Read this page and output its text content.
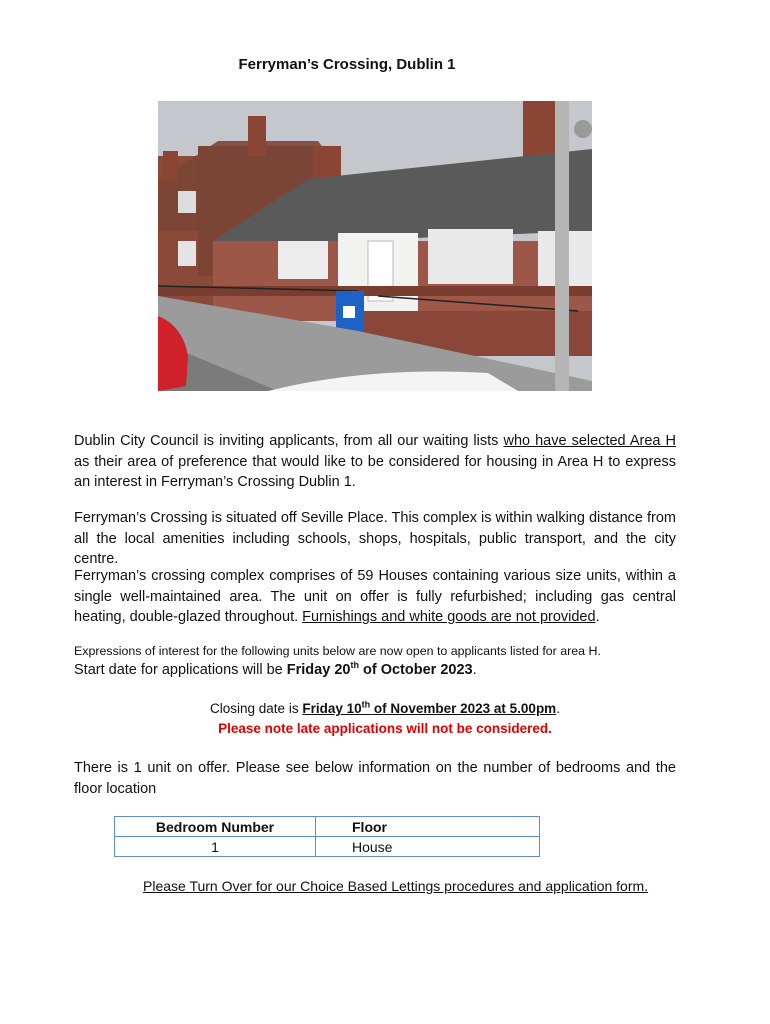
Ferryman’s Crossing, Dublin 1

Dublin City Council is inviting applicants, from all our waiting lists who have selected Area H as their area of preference that would like to be considered for housing in Area H to express an interest in Ferryman’s Crossing Dublin 1.

Ferryman’s Crossing is situated off Seville Place. This complex is within walking distance from all the local amenities including schools, shops, hospitals, public transport, and the city centre.

Ferryman’s crossing complex comprises of 59 Houses containing various size units, within a single well-maintained area. The unit on offer is fully refurbished; including gas central heating, double-glazed throughout. Furnishings and white goods are not provided.

Expressions of interest for the following units below are now open to applicants listed for area H.
Start date for applications will be Friday 20th of October 2023.
Closing date is Friday 10th of November 2023 at 5.00pm.
Please note late applications will not be considered.

There is 1 unit on offer. Please see below information on the number of bedrooms and the floor location

Bedroom Number	Floor
1	House
Please Turn Over for our Choice Based Lettings procedures and application form.
